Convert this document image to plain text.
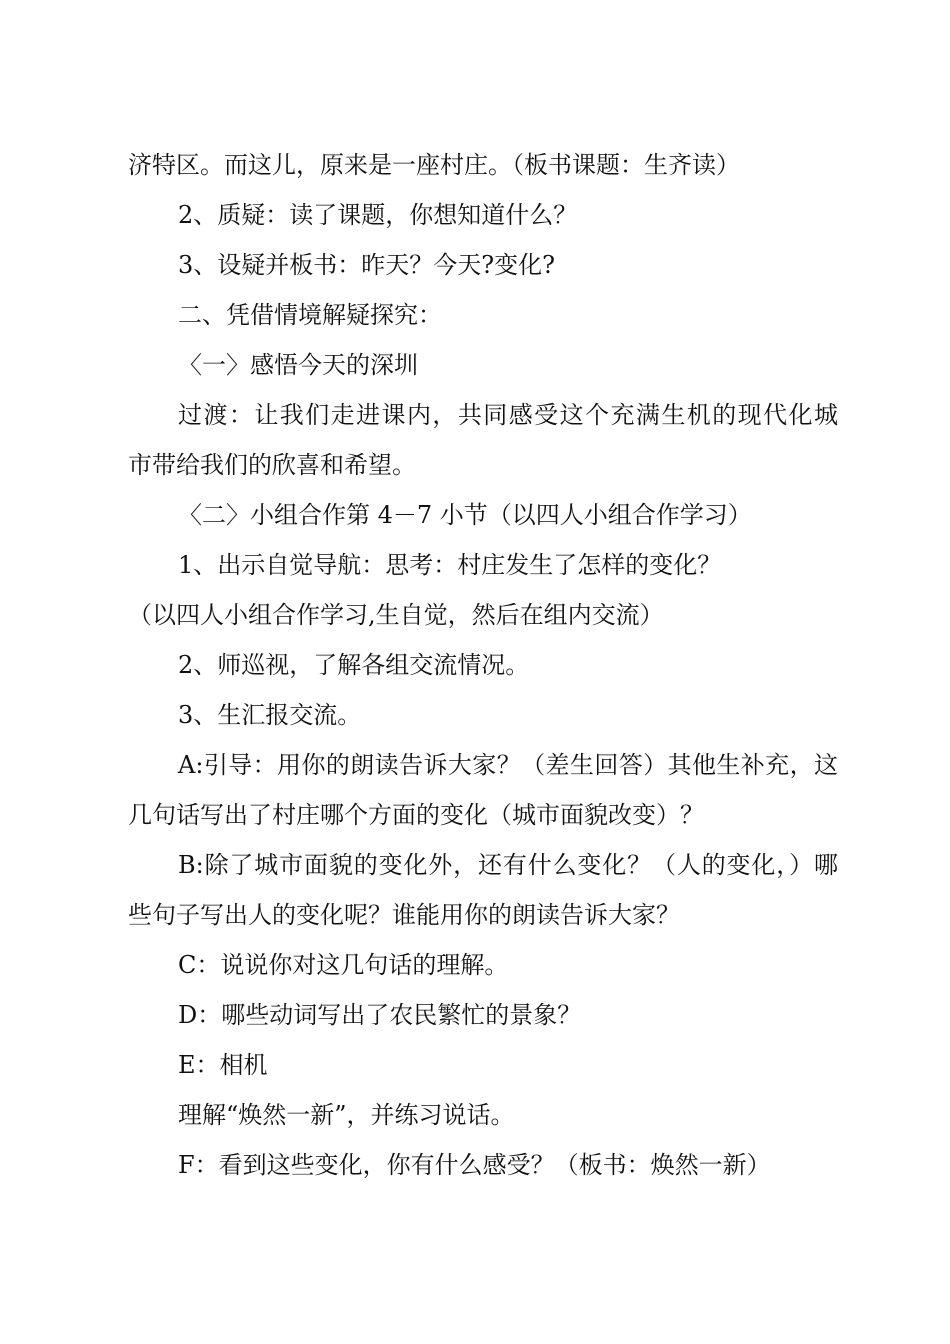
济特区。而这儿，原来是一座村庄。（板书课题：生齐读）
2、质疑：读了课题，你想知道什么？
3、设疑并板书：昨天？今天?变化?
二、凭借情境解疑探究：
〈一〉感悟今天的深圳
过渡：让我们走进课内，共同感受这个充满生机的现代化城
市带给我们的欣喜和希望。
〈二〉小组合作第 4－7 小节（以四人小组合作学习）
1、出示自觉导航：思考：村庄发生了怎样的变化？
（以四人小组合作学习,生自觉，然后在组内交流）
2、师巡视，了解各组交流情况。
3、生汇报交流。
A:引导：用你的朗读告诉大家？（差生回答）其他生补充，这
几句话写出了村庄哪个方面的变化（城市面貌改变）？
B:除了城市面貌的变化外，还有什么变化？（人的变化，）哪
些句子写出人的变化呢？谁能用你的朗读告诉大家？
C：说说你对这几句话的理解。
D：哪些动词写出了农民繁忙的景象？
E：相机
理解“焕然一新”，并练习说话。
F：看到这些变化，你有什么感受？（板书：焕然一新）
